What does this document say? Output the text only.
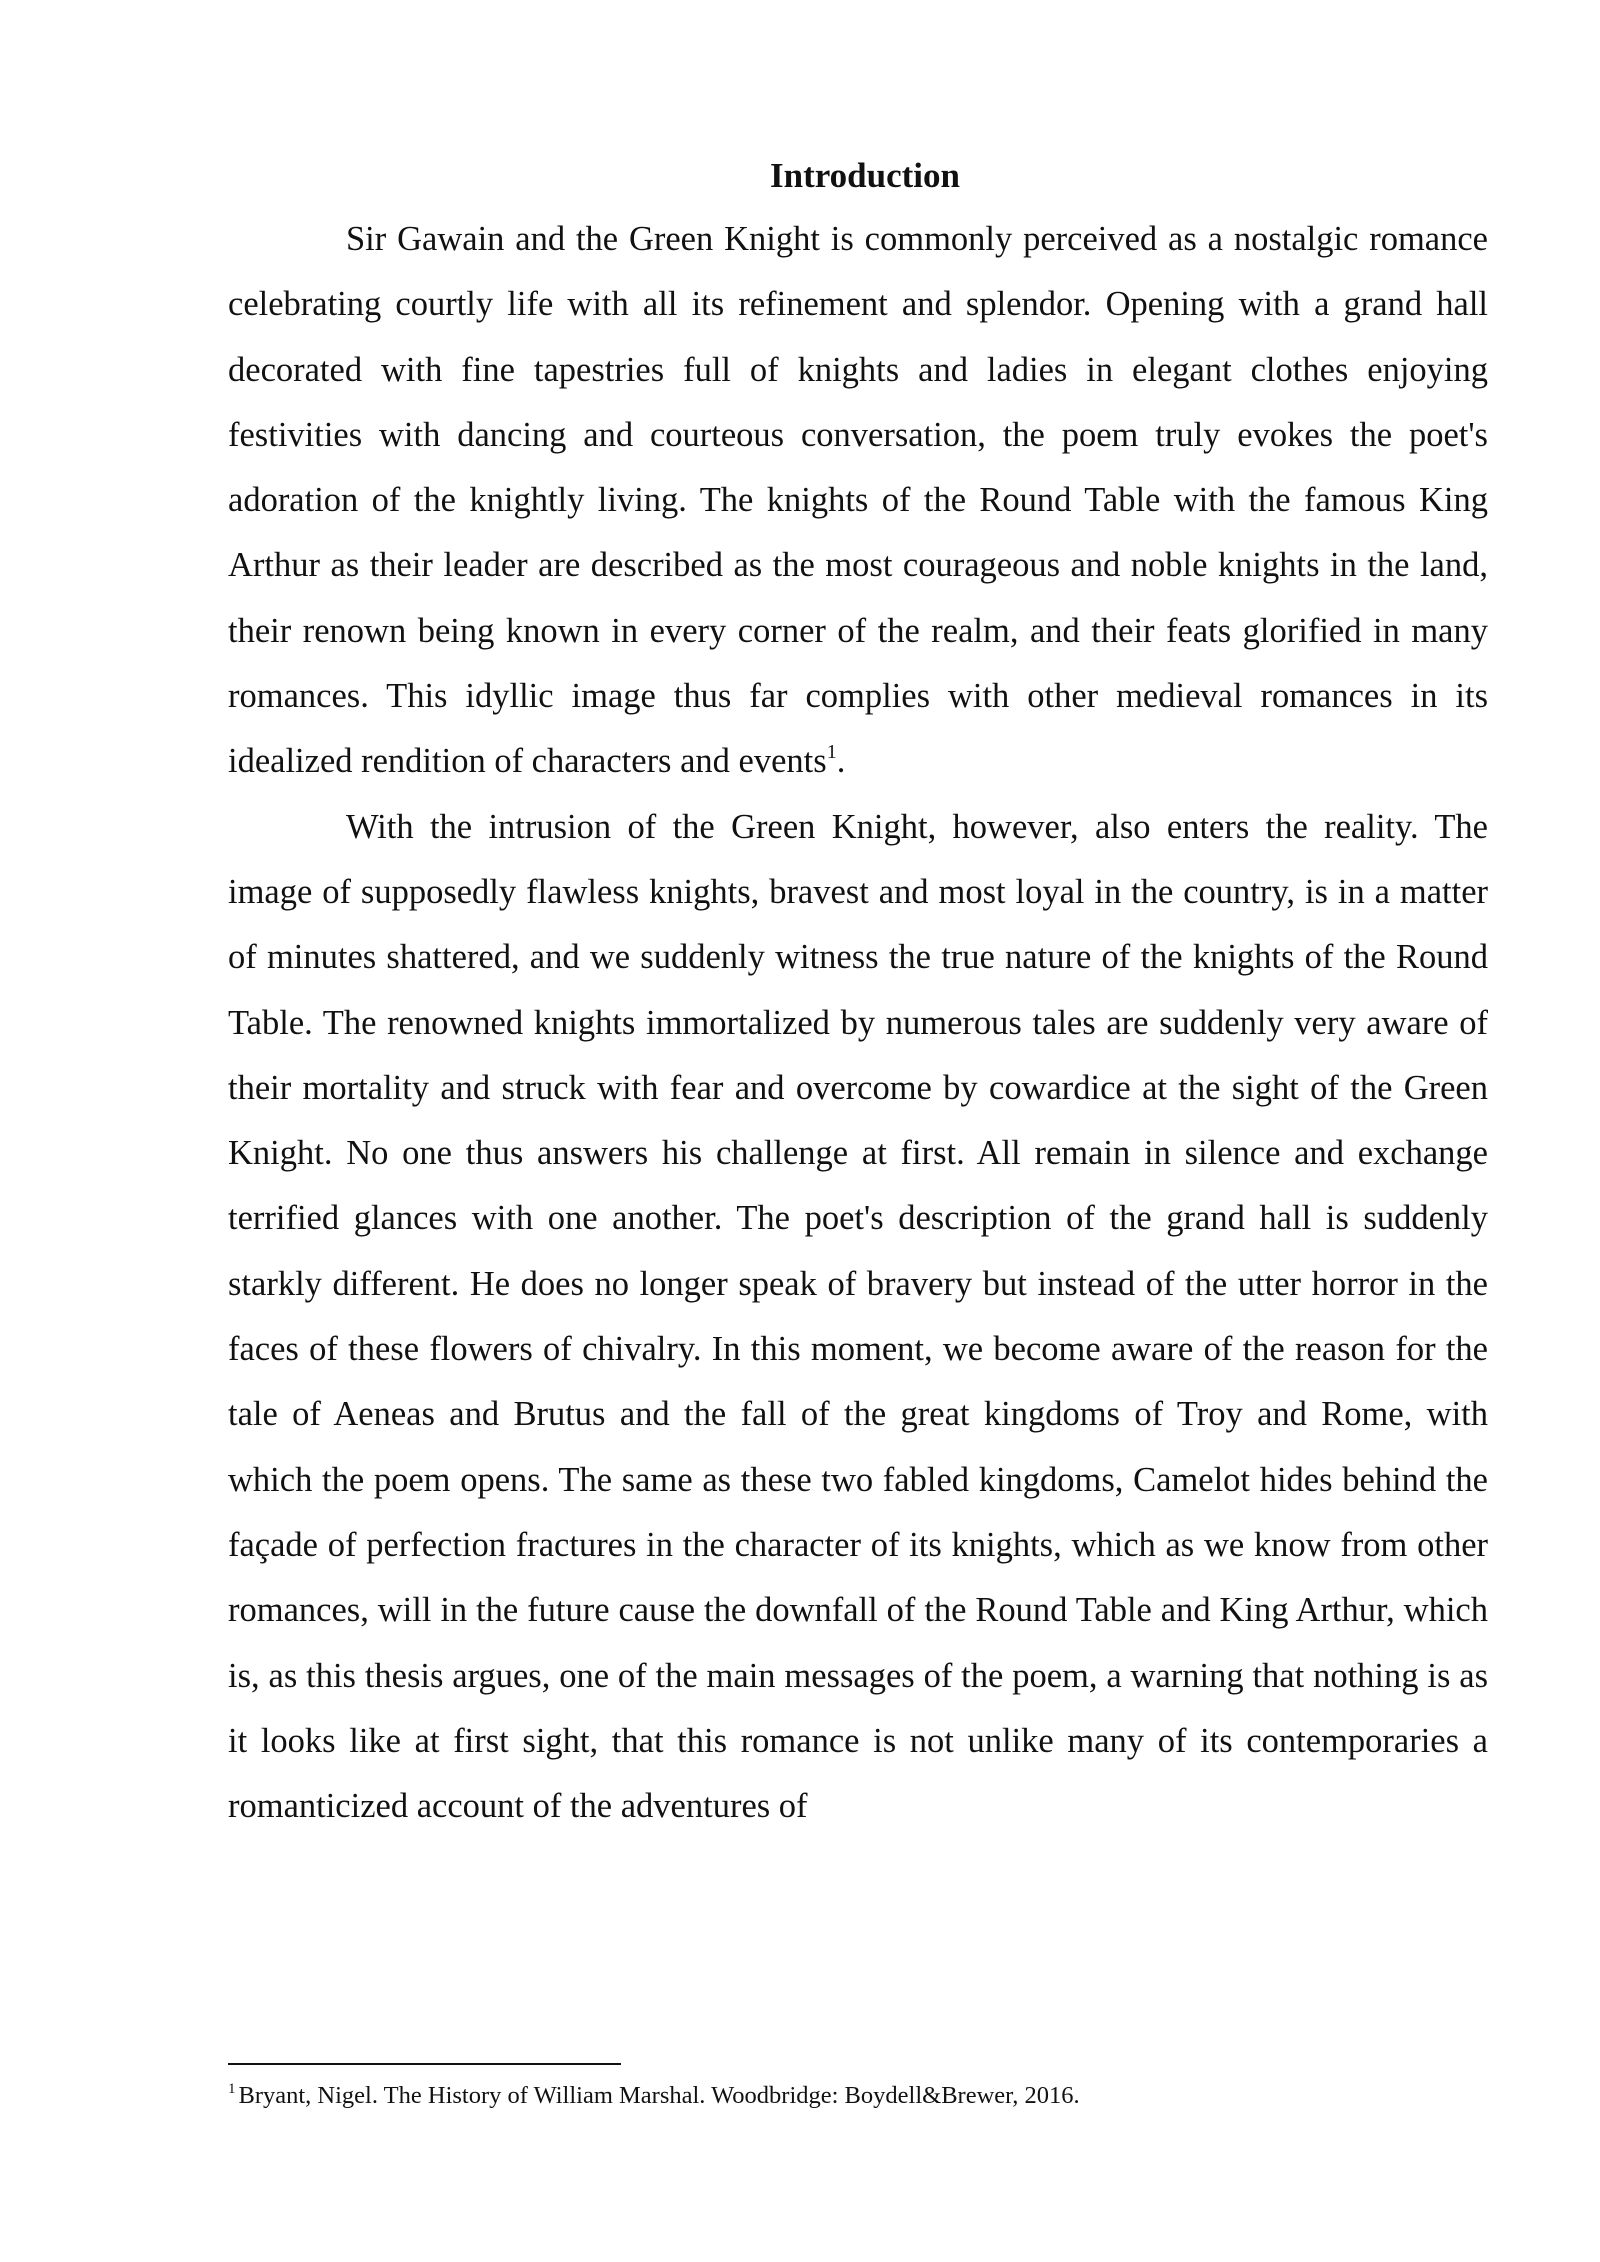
Introduction

Sir Gawain and the Green Knight is commonly perceived as a nostalgic romance celebrating courtly life with all its refinement and splendor. Opening with a grand hall decorated with fine tapestries full of knights and ladies in elegant clothes enjoying festivities with dancing and courteous conversation, the poem truly evokes the poet's adoration of the knightly living. The knights of the Round Table with the famous King Arthur as their leader are described as the most courageous and noble knights in the land, their renown being known in every corner of the realm, and their feats glorified in many romances. This idyllic image thus far complies with other medieval romances in its idealized rendition of characters and events$^1$.

With the intrusion of the Green Knight, however, also enters the reality. The image of supposedly flawless knights, bravest and most loyal in the country, is in a matter of minutes shattered, and we suddenly witness the true nature of the knights of the Round Table. The renowned knights immortalized by numerous tales are suddenly very aware of their mortality and struck with fear and overcome by cowardice at the sight of the Green Knight. No one thus answers his challenge at first. All remain in silence and exchange terrified glances with one another. The poet's description of the grand hall is suddenly starkly different. He does no longer speak of bravery but instead of the utter horror in the faces of these flowers of chivalry. In this moment, we become aware of the reason for the tale of Aeneas and Brutus and the fall of the great kingdoms of Troy and Rome, with which the poem opens. The same as these two fabled kingdoms, Camelot hides behind the façade of perfection fractures in the character of its knights, which as we know from other romances, will in the future cause the downfall of the Round Table and King Arthur, which is, as this thesis argues, one of the main messages of the poem, a warning that nothing is as it looks like at first sight, that this romance is not unlike many of its contemporaries a romanticized account of the adventures of

$^1$ Bryant, Nigel. The History of William Marshal. Woodbridge: Boydell&Brewer, 2016.
